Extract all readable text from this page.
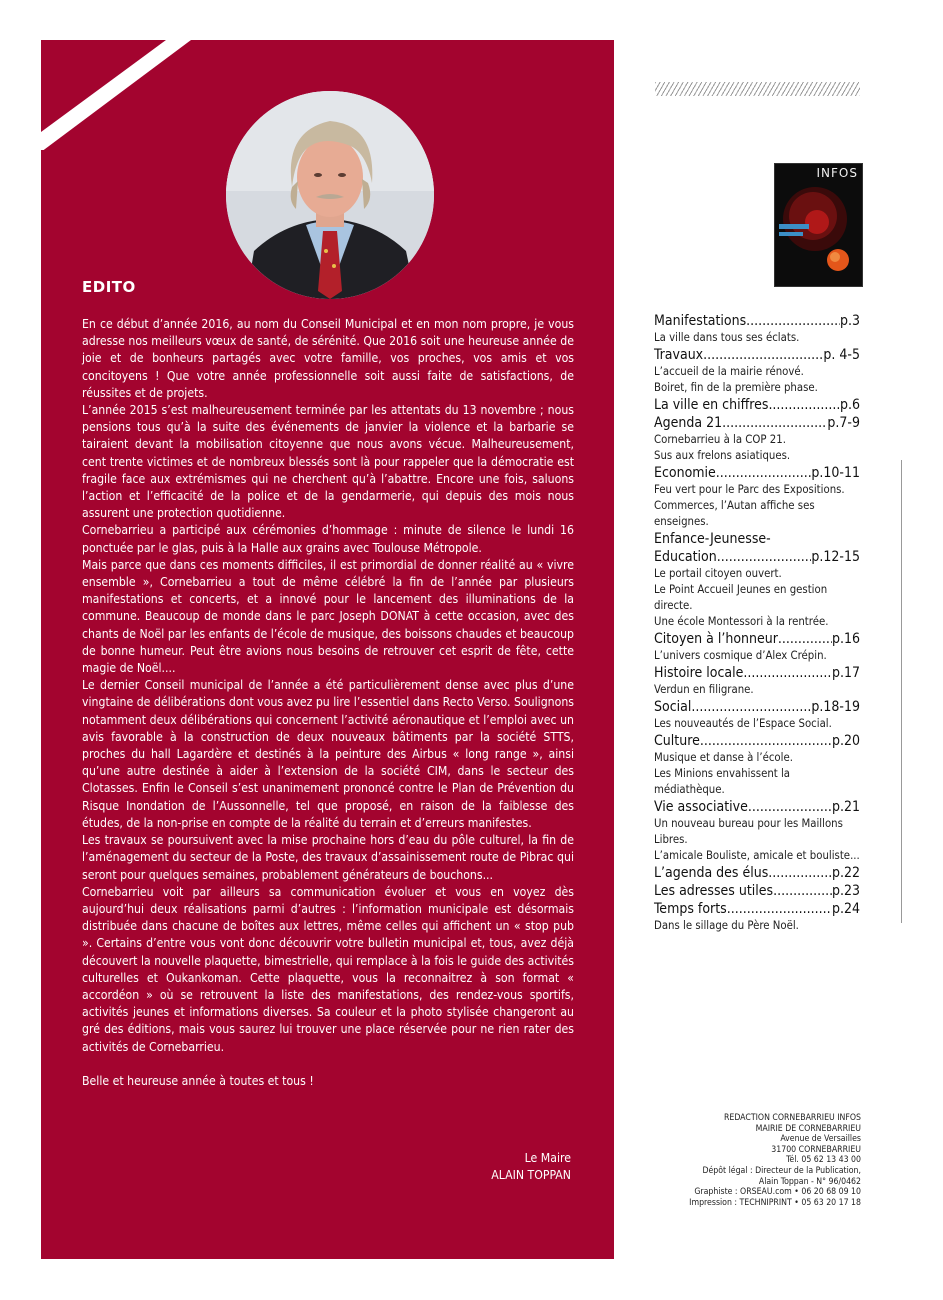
EDITO

En ce début d’année 2016, au nom du Conseil Municipal et en mon nom propre, je vous adresse nos meilleurs vœux de santé, de sérénité. Que 2016 soit une heureuse année de joie et de bonheurs partagés avec votre famille, vos proches, vos amis et vos concitoyens ! Que votre année professionnelle soit aussi faite de satisfactions, de réussites et de projets.

L’année 2015 s’est malheureusement terminée par les attentats du 13 novembre ; nous pensions tous qu’à la suite des événements de janvier la violence et la barbarie se tairaient devant la mobilisation citoyenne que nous avons vécue. Malheureusement, cent trente victimes et de nombreux blessés sont là pour rappeler que la démocratie est fragile face aux extrémismes qui ne cherchent qu’à l’abattre. Encore une fois, saluons l’action et l’efficacité de la police et de la gendarmerie, qui depuis des mois nous assurent une protection quotidienne.

Cornebarrieu a participé aux cérémonies d’hommage : minute de silence le lundi 16 ponctuée par le glas, puis à la Halle aux grains avec Toulouse Métropole.

Mais parce que dans ces moments difficiles, il est primordial de donner réalité au « vivre ensemble », Cornebarrieu a tout de même célébré la fin de l’année par plusieurs manifestations et concerts, et a innové pour le lancement des illuminations de la commune. Beaucoup de monde dans le parc Joseph DONAT à cette occasion, avec des chants de Noël par les enfants de l’école de musique, des boissons chaudes et beaucoup de bonne humeur. Peut être avions nous besoins de retrouver cet esprit de fête, cette magie de Noël....

Le dernier Conseil municipal de l’année a été particulièrement dense avec plus d’une vingtaine de délibérations dont vous avez pu lire l’essentiel dans Recto Verso. Soulignons notamment deux délibérations qui concernent l’activité aéronautique et l’emploi avec un avis favorable à la construction de deux nouveaux bâtiments par la société STTS, proches du hall Lagardère et destinés à la peinture des Airbus « long range », ainsi qu’une autre destinée à aider à l’extension de la société CIM, dans le secteur des Clotasses. Enfin le Conseil s’est unanimement prononcé contre le Plan de Prévention du Risque Inondation de l’Aussonnelle, tel que proposé, en raison de la faiblesse des études, de la non-prise en compte de la réalité du terrain et d’erreurs manifestes.

Les travaux se poursuivent avec la mise prochaine hors d’eau du pôle culturel, la fin de l’aménagement du secteur de la Poste, des travaux d’assainissement route de Pibrac qui seront pour quelques semaines, probablement générateurs de bouchons...

Cornebarrieu voit par ailleurs sa communication évoluer et vous en voyez dès aujourd’hui deux réalisations parmi d’autres : l’information municipale est désormais distribuée dans chacune de boîtes aux lettres, même celles qui affichent un « stop pub ». Certains d’entre vous vont donc découvrir votre bulletin municipal et, tous, avez déjà découvert la nouvelle plaquette, bimestrielle, qui remplace à la fois le guide des activités culturelles et Oukankoman. Cette plaquette, vous la reconnaitrez à son format « accordéon » où se retrouvent la liste des manifestations, des rendez-vous sportifs, activités jeunes et informations diverses. Sa couleur et la photo stylisée changeront au gré des éditions, mais vous saurez lui trouver une place réservée pour ne rien rater des activités de Cornebarrieu.

Belle et heureuse année à toutes et tous !

Le Maire
ALAIN TOPPAN
INFOS
Manifestations .....	p.3
La ville dans tous ses éclats.
Travaux .....	p. 4-5
L’accueil de la mairie rénové.
Boiret, fin de la première phase.
La ville en chiffres .....	p.6
Agenda 21 .....	p.7-9
Cornebarrieu à la COP 21.
Sus aux frelons asiatiques.
Economie .....	p.10-11
Feu vert pour le Parc des Expositions.
Commerces, l’Autan affiche ses enseignes.
Enfance-Jeunesse-
Education .....	p.12-15
Le portail citoyen ouvert.
Le Point Accueil Jeunes en gestion directe.
Une école Montessori à la rentrée.
Citoyen à l’honneur .....	p.16
L’univers cosmique d’Alex Crépin.
Histoire locale .....	p.17
Verdun en filigrane.
Social .....	p.18-19
Les nouveautés de l’Espace Social.
Culture .....	p.20
Musique et danse à l’école.
Les Minions envahissent la médiathèque.
Vie associative .....	p.21
Un nouveau bureau pour les Maillons Libres.
L’amicale Bouliste, amicale et bouliste...
L’agenda des élus .....	p.22
Les adresses utiles .....	p.23
Temps forts .....	p.24
Dans le sillage du Père Noël.
REDACTION CORNEBARRIEU INFOS
MAIRIE DE CORNEBARRIEU
Avenue de Versailles
31700 CORNEBARRIEU
Tél. 05 62 13 43 00
Dépôt légal : Directeur de la Publication,
Alain Toppan - N° 96/0462
Graphiste : ORSEAU.com • 06 20 68 09 10
Impression : TECHNIPRINT • 05 63 20 17 18
